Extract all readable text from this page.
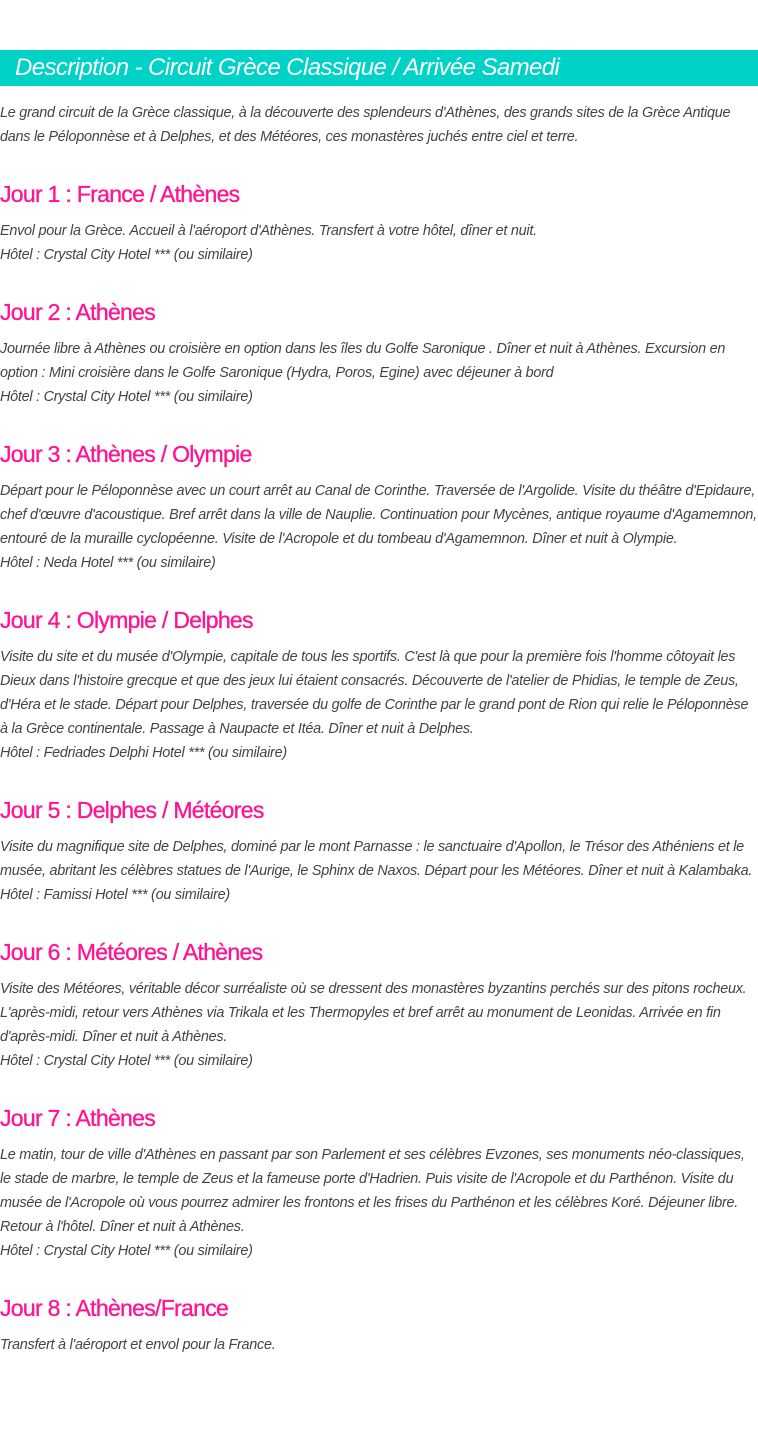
Description - Circuit Grèce Classique / Arrivée Samedi

Le grand circuit de la Grèce classique, à la découverte des splendeurs d'Athènes, des grands sites de la Grèce Antique dans le Péloponnèse et à Delphes, et des Météores, ces monastères juchés entre ciel et terre.

Jour 1 : France / Athènes

Envol pour la Grèce. Accueil à l'aéroport d'Athènes. Transfert à votre hôtel, dîner et nuit.

Hôtel : Crystal City Hotel *** (ou similaire)

Jour 2 : Athènes

Journée libre à Athènes ou croisière en option dans les îles du Golfe Saronique . Dîner et nuit à Athènes. Excursion en option : Mini croisière dans le Golfe Saronique (Hydra, Poros, Egine) avec déjeuner à bord

Hôtel : Crystal City Hotel *** (ou similaire)

Jour 3 : Athènes / Olympie

Départ pour le Péloponnèse avec un court arrêt au Canal de Corinthe. Traversée de l'Argolide. Visite du théâtre d'Epidaure, chef d'œuvre d'acoustique. Bref arrêt dans la ville de Nauplie. Continuation pour Mycènes, antique royaume d'Agamemnon, entouré de la muraille cyclopéenne. Visite de l'Acropole et du tombeau d'Agamemnon. Dîner et nuit à Olympie.

Hôtel : Neda Hotel *** (ou similaire)

Jour 4 : Olympie / Delphes

Visite du site et du musée d'Olympie, capitale de tous les sportifs. C'est là que pour la première fois l'homme côtoyait les Dieux dans l'histoire grecque et que des jeux lui étaient consacrés. Découverte de l'atelier de Phidias, le temple de Zeus, d'Héra et le stade. Départ pour Delphes, traversée du golfe de Corinthe par le grand pont de Rion qui relie le Péloponnèse à la Grèce continentale. Passage à Naupacte et Itéa. Dîner et nuit à Delphes.

Hôtel : Fedriades Delphi Hotel *** (ou similaire)

Jour 5 : Delphes / Météores

Visite du magnifique site de Delphes, dominé par le mont Parnasse : le sanctuaire d'Apollon, le Trésor des Athéniens et le musée, abritant les célèbres statues de l'Aurige, le Sphinx de Naxos. Départ pour les Météores. Dîner et nuit à Kalambaka.

Hôtel : Famissi Hotel *** (ou similaire)

Jour 6 : Météores / Athènes

Visite des Météores, véritable décor surréaliste où se dressent des monastères byzantins perchés sur des pitons rocheux. L'après-midi, retour vers Athènes via Trikala et les Thermopyles et bref arrêt au monument de Leonidas. Arrivée en fin d'après-midi. Dîner et nuit à Athènes.

Hôtel : Crystal City Hotel *** (ou similaire)

Jour 7 : Athènes

Le matin, tour de ville d'Athènes en passant par son Parlement et ses célèbres Evzones, ses monuments néo-classiques, le stade de marbre, le temple de Zeus et la fameuse porte d'Hadrien. Puis visite de l'Acropole et du Parthénon. Visite du musée de l'Acropole où vous pourrez admirer les frontons et les frises du Parthénon et les célèbres Koré. Déjeuner libre. Retour à l'hôtel. Dîner et nuit à Athènes.

Hôtel : Crystal City Hotel *** (ou similaire)

Jour 8 : Athènes/France

Transfert à l'aéroport et envol pour la France.
